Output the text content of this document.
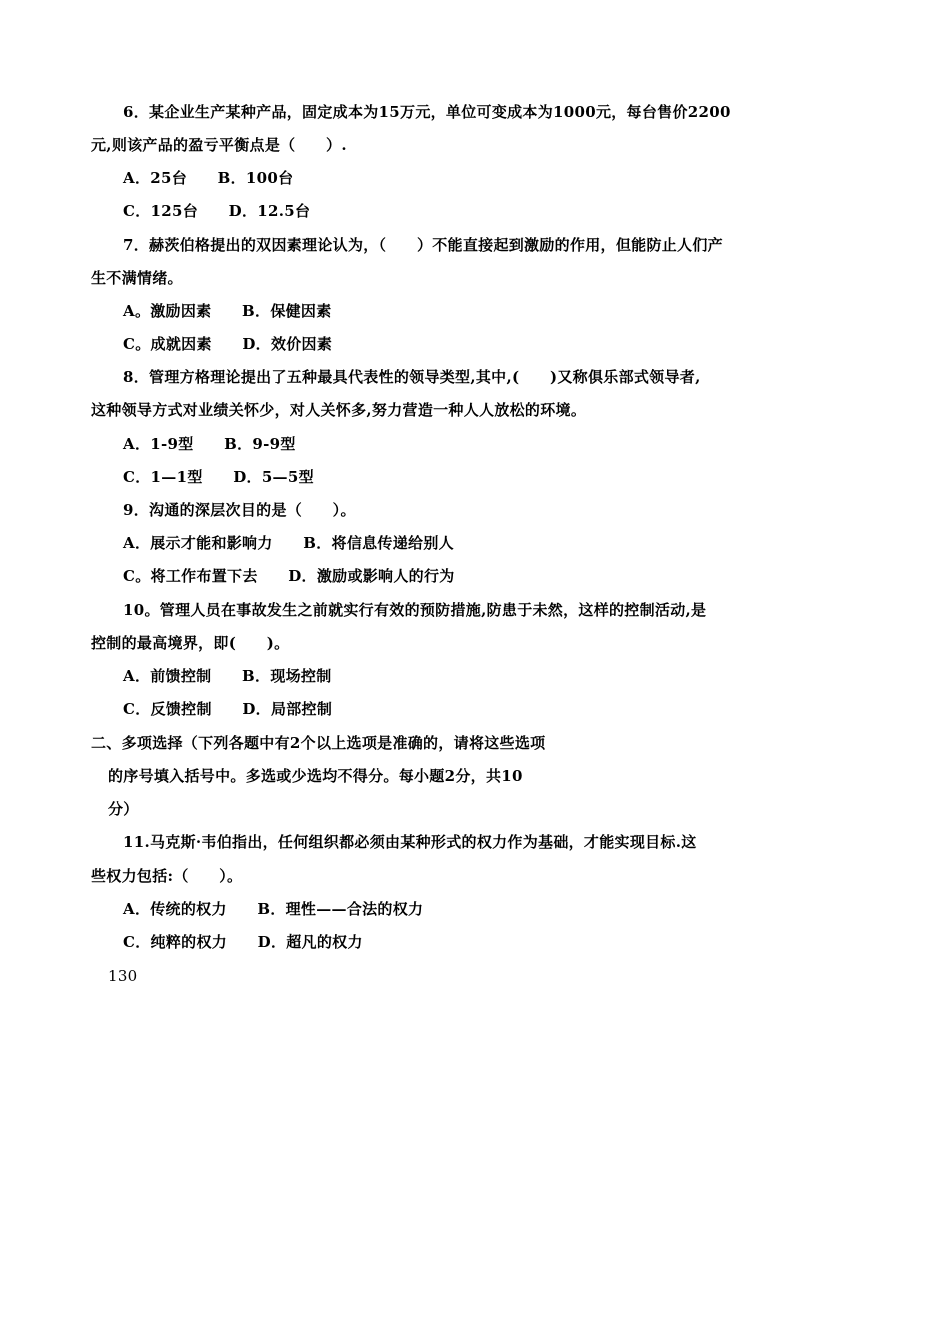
6．某企业生产某种产品，固定成本为15万元，单位可变成本为1000元，每台售价2200
元,则该产品的盈亏平衡点是（　　）.
A．25台　　B．100台
C．125台　　D．12.5台
7．赫茨伯格提出的双因素理论认为，（　　）不能直接起到激励的作用，但能防止人们产
生不满情绪。
A。激励因素　　B．保健因素
C。成就因素　　D．效价因素
8．管理方格理论提出了五种最具代表性的领导类型,其中,(　　)又称俱乐部式领导者,
这种领导方式对业绩关怀少，对人关怀多,努力营造一种人人放松的环境。
A．1-9型　　B．9-9型
C．1—1型　　D．5—5型
9．沟通的深层次目的是（　　）。
A．展示才能和影响力　　B．将信息传递给别人
C。将工作布置下去　　D．激励或影响人的行为
10。管理人员在事故发生之前就实行有效的预防措施,防患于未然，这样的控制活动,是
控制的最高境界，即(　　)。
A．前馈控制　　B．现场控制
C．反馈控制　　D．局部控制
二、多项选择（下列各题中有2个以上选项是准确的，请将这些选项
的序号填入括号中。多选或少选均不得分。每小题2分，共10
分）
11.马克斯·韦伯指出，任何组织都必须由某种形式的权力作为基础，才能实现目标.这
些权力包括:（　　）。
A．传统的权力　　B．理性——合法的权力
C．纯粹的权力　　D．超凡的权力
130
